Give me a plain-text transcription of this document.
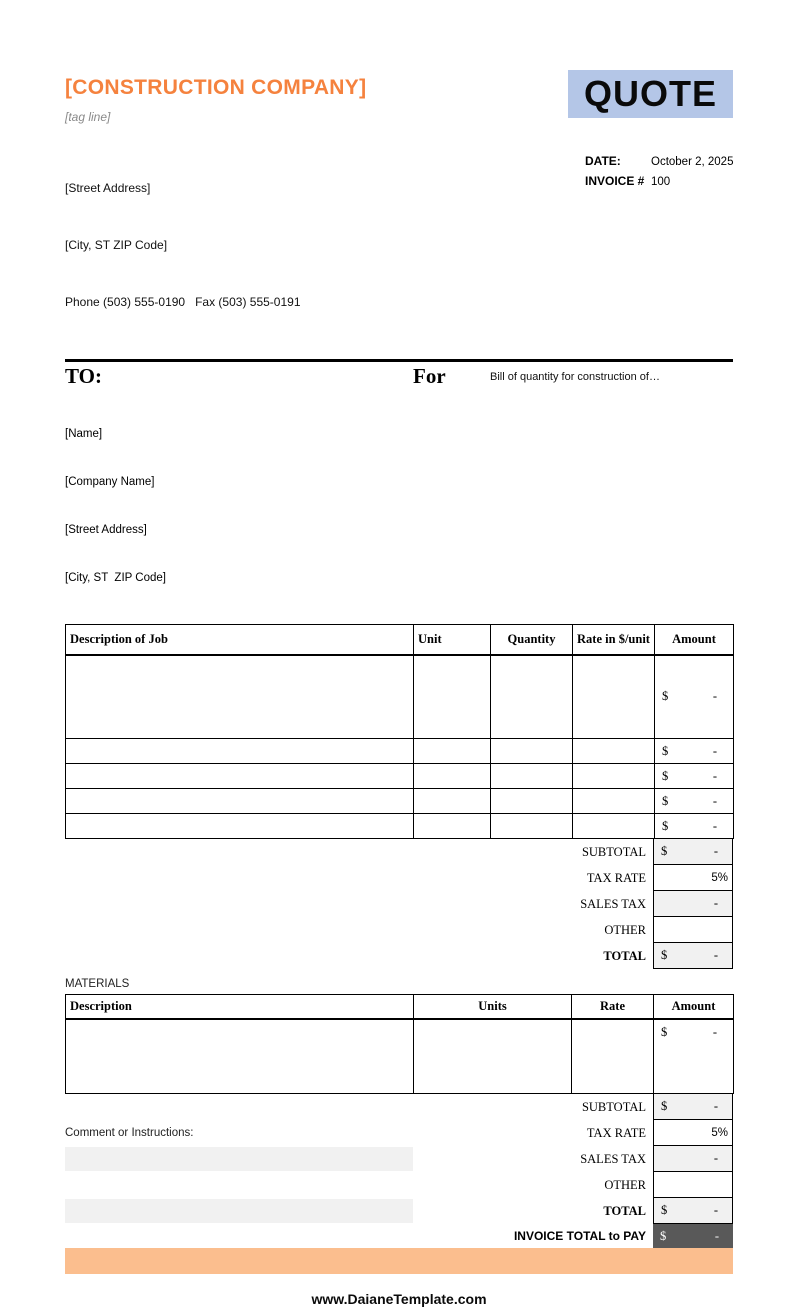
[CONSTRUCTION COMPANY]
[tag line]

[Street Address]

[City, ST ZIP Code]

Phone (503) 555-0190   Fax (503) 555-0191

QUOTE
DATE:	October 2, 2025
INVOICE # 100
TO:

[Name]

[Company Name]

[Street Address]

[City, ST  ZIP Code]

For	Bill of quantity for construction of…
Description of Job	Unit	Quantity	Rate in $/unit	Amount

				$ -

				$ -

				$ -

				$ -

				$ -
SUBTOTAL	$	-
TAX RATE	5%
SALES TAX	-
OTHER
TOTAL	$	-
MATERIALS
Description	Units	Rate	Amount

			$ -
Comment or Instructions:
SUBTOTAL	$	-
TAX RATE	5%
SALES TAX	-
OTHER
TOTAL	$	-
INVOICE TOTAL to PAY	$	-
www.DaianeTemplate.com
